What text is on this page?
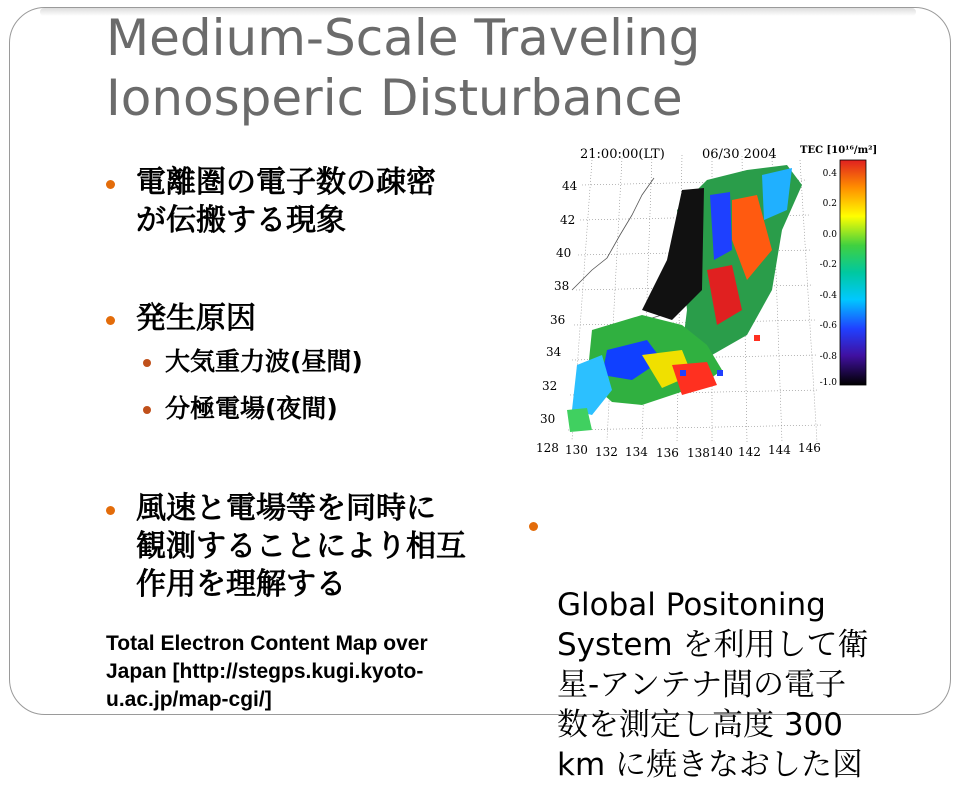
Medium-Scale Traveling
Ionosperic Disturbance
電離圏の電子数の疎密
が伝搬する現象
発生原因
大気重力波(昼間)
分極電場(夜間)
風速と電場等を同時に
観測することにより相互
作用を理解する
Total Electron Content Map over
Japan [http://stegps.kugi.kyoto-
u.ac.jp/map-cgi/]

Global Positoning
System を利用して衛
星-アンテナ間の電子
数を測定し高度 300
km に焼きなおした図

21:00:00(LT)	06/30 2004 TEC [10¹⁶/m²]
0.4
0.2
0.0
-0.2
-0.4
-0.6
-0.8
-1.0
44
42
40
38
36
34
32
30
128 130 132 134 136 138 140 142 144 146
